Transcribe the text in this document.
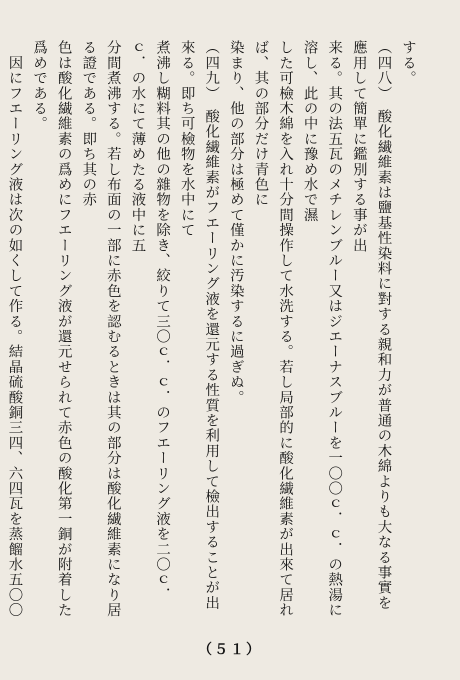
する。

（四八）　酸化繊維素は鹽基性染料に對する親和力が普通の木綿よりも大なる事實を應用して簡單に鑑別する事が出
来る。其の法五瓦のメチレンブルー又はジエーナスブルーを一〇〇ｃ．ｃ．の熱湯に溶し、此の中に豫め水で濕
した可檢木綿を入れ十分間操作して水洗する。若し局部的に酸化繊維素が出來て居れば、其の部分だけ青色に
染まり、他の部分は極めて僅かに汚染するに過ぎぬ。

（四九）　酸化繊維素がフエーリング液を還元する性質を利用して檢出することが出來る。即ち可檢物を水中にて
煮沸し糊料其の他の雜物を除き、絞りて三〇ｃ．ｃ．のフエーリング液を二〇ｃ．ｃ．の水にて薄めたる液中に五
分間煮沸する。若し布面の一部に赤色を認むるときは其の部分は酸化繊維素になり居る證である。即ち其の赤
色は酸化繊維素の爲めにフエーリング液が還元せられて赤色の酸化第一銅が附着した爲めである。
　因にフエーリング液は次の如くして作る。結晶硫酸銅三四、六四瓦を蒸餾水五〇〇

（５１）
